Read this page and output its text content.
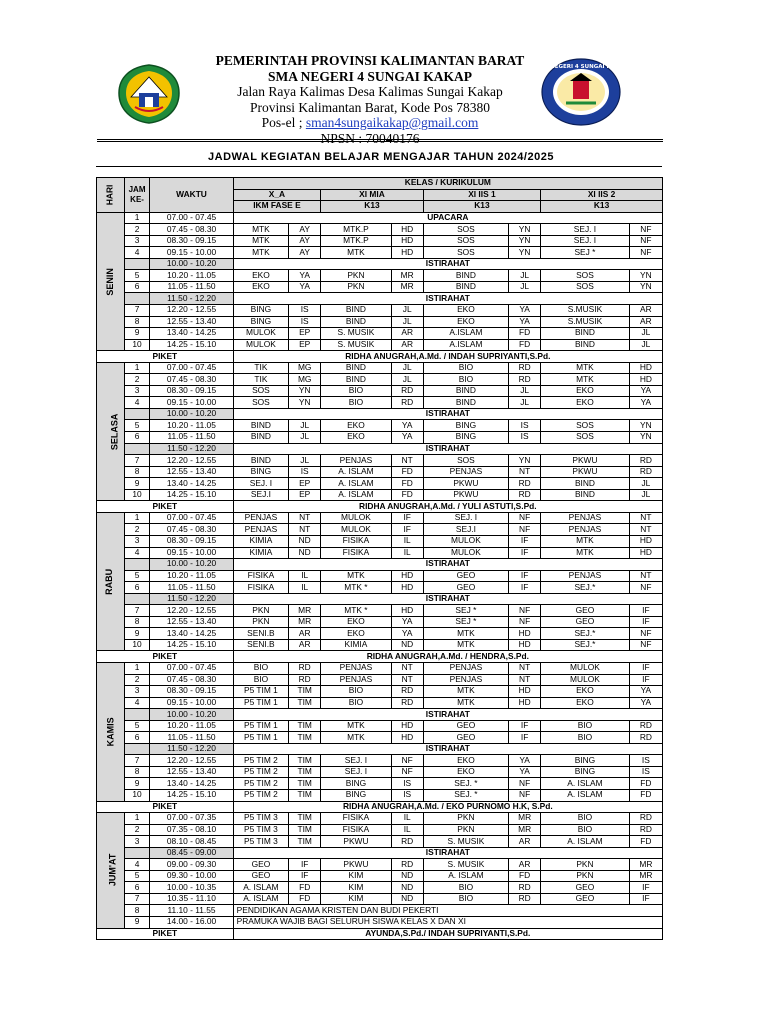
SMA NEGERI 4 SUNGAI KAKAP
PEMERINTAH PROVINSI KALIMANTAN BARAT
SMA NEGERI 4 SUNGAI KAKAP
Jalan Raya Kalimas Desa Kalimas Sungai Kakap
Provinsi Kalimantan Barat, Kode Pos 78380
Pos-el ; sman4sungaikakap@gmail.com
NPSN : 70040176
JADWAL KEGIATAN BELAJAR MENGAJAR TAHUN 2024/2025
HARI	JAM KE-	WAKTU	KELAS / KURIKULUM							
			X_A		XI MIA		XI IIS 1		XI IIS 2	
			IKM FASE E		K13		K13		K13	
SENIN	1	07.00 - 07.45	UPACARA							
	2	07.45 - 08.30	MTK	AY	MTK.P	HD	SOS	YN	SEJ. I	NF
	3	08.30 - 09.15	MTK	AY	MTK.P	HD	SOS	YN	SEJ. I	NF
	4	09.15 - 10.00	MTK	AY	MTK	HD	SOS	YN	SEJ *	NF
		10.00 - 10.20	ISTIRAHAT							
	5	10.20 - 11.05	EKO	YA	PKN	MR	BIND	JL	SOS	YN
	6	11.05 - 11.50	EKO	YA	PKN	MR	BIND	JL	SOS	YN
		11.50 - 12.20	ISTIRAHAT							
	7	12.20 - 12.55	BING	IS	BIND	JL	EKO	YA	S.MUSIK	AR
	8	12.55 - 13.40	BING	IS	BIND	JL	EKO	YA	S.MUSIK	AR
	9	13.40 - 14.25	MULOK	EP	S. MUSIK	AR	A.ISLAM	FD	BIND	JL
	10	14.25 - 15.10	MULOK	EP	S. MUSIK	AR	A.ISLAM	FD	BIND	JL
PIKET			RIDHA ANUGRAH,A.Md. / INDAH SUPRIYANTI,S.Pd.							
SELASA	1	07.00 - 07.45	TIK	MG	BIND	JL	BIO	RD	MTK	HD
	2	07.45 - 08.30	TIK	MG	BIND	JL	BIO	RD	MTK	HD
	3	08.30 - 09.15	SOS	YN	BIO	RD	BIND	JL	EKO	YA
	4	09.15 - 10.00	SOS	YN	BIO	RD	BIND	JL	EKO	YA
		10.00 - 10.20	ISTIRAHAT							
	5	10.20 - 11.05	BIND	JL	EKO	YA	BING	IS	SOS	YN
	6	11.05 - 11.50	BIND	JL	EKO	YA	BING	IS	SOS	YN
		11.50 - 12.20	ISTIRAHAT							
	7	12.20 - 12.55	BIND	JL	PENJAS	NT	SOS	YN	PKWU	RD
	8	12.55 - 13.40	BING	IS	A. ISLAM	FD	PENJAS	NT	PKWU	RD
	9	13.40 - 14.25	SEJ. I	EP	A. ISLAM	FD	PKWU	RD	BIND	JL
	10	14.25 - 15.10	SEJ.I	EP	A. ISLAM	FD	PKWU	RD	BIND	JL
PIKET			RIDHA ANUGRAH,A.Md. / YULI ASTUTI,S.Pd.							
RABU	1	07.00 - 07.45	PENJAS	NT	MULOK	IF	SEJ. I	NF	PENJAS	NT
	2	07.45 - 08.30	PENJAS	NT	MULOK	IF	SEJ.I	NF	PENJAS	NT
	3	08.30 - 09.15	KIMIA	ND	FISIKA	IL	MULOK	IF	MTK	HD
	4	09.15 - 10.00	KIMIA	ND	FISIKA	IL	MULOK	IF	MTK	HD
		10.00 - 10.20	ISTIRAHAT							
	5	10.20 - 11.05	FISIKA	IL	MTK	HD	GEO	IF	PENJAS	NT
	6	11.05 - 11.50	FISIKA	IL	MTK *	HD	GEO	IF	SEJ.*	NF
		11.50 - 12.20	ISTIRAHAT							
	7	12.20 - 12.55	PKN	MR	MTK *	HD	SEJ *	NF	GEO	IF
	8	12.55 - 13.40	PKN	MR	EKO	YA	SEJ *	NF	GEO	IF
	9	13.40 - 14.25	SENI.B	AR	EKO	YA	MTK	HD	SEJ.*	NF
	10	14.25 - 15.10	SENI.B	AR	KIMIA	ND	MTK	HD	SEJ.*	NF
PIKET			RIDHA ANUGRAH,A.Md. / HENDRA,S.Pd.							
KAMIS	1	07.00 - 07.45	BIO	RD	PENJAS	NT	PENJAS	NT	MULOK	IF
	2	07.45 - 08.30	BIO	RD	PENJAS	NT	PENJAS	NT	MULOK	IF
	3	08.30 - 09.15	P5 TIM 1	TIM	BIO	RD	MTK	HD	EKO	YA
	4	09.15 - 10.00	P5 TIM 1	TIM	BIO	RD	MTK	HD	EKO	YA
		10.00 - 10.20	ISTIRAHAT							
	5	10.20 - 11.05	P5 TIM 1	TIM	MTK	HD	GEO	IF	BIO	RD
	6	11.05 - 11.50	P5 TIM 1	TIM	MTK	HD	GEO	IF	BIO	RD
		11.50 - 12.20	ISTIRAHAT							
	7	12.20 - 12.55	P5 TIM 2	TIM	SEJ. I	NF	EKO	YA	BING	IS
	8	12.55 - 13.40	P5 TIM 2	TIM	SEJ. I	NF	EKO	YA	BING	IS
	9	13.40 - 14.25	P5 TIM 2	TIM	BING	IS	SEJ. *	NF	A. ISLAM	FD
	10	14.25 - 15.10	P5 TIM 2	TIM	BING	IS	SEJ. *	NF	A. ISLAM	FD
PIKET			RIDHA ANUGRAH,A.Md. / EKO PURNOMO H.K, S.Pd.							
JUM'AT	1	07.00 - 07.35	P5 TIM 3	TIM	FISIKA	IL	PKN	MR	BIO	RD
	2	07.35 - 08.10	P5 TIM 3	TIM	FISIKA	IL	PKN	MR	BIO	RD
	3	08.10 - 08.45	P5 TIM 3	TIM	PKWU	RD	S. MUSIK	AR	A. ISLAM	FD
		08.45 - 09.00	ISTIRAHAT							
	4	09.00 - 09.30	GEO	IF	PKWU	RD	S. MUSIK	AR	PKN	MR
	5	09.30 - 10.00	GEO	IF	KIM	ND	A. ISLAM	FD	PKN	MR
	6	10.00 - 10.35	A. ISLAM	FD	KIM	ND	BIO	RD	GEO	IF
	7	10.35 - 11.10	A. ISLAM	FD	KIM	ND	BIO	RD	GEO	IF
	8	11.10 - 11.55	PENDIDIKAN AGAMA KRISTEN DAN BUDI PEKERTI							
	9	14.00 - 16.00	PRAMUKA WAJIB BAGI SELURUH SISWA KELAS X DAN XI							
PIKET			AYUNDA,S.Pd./ INDAH SUPRIYANTI,S.Pd.							
